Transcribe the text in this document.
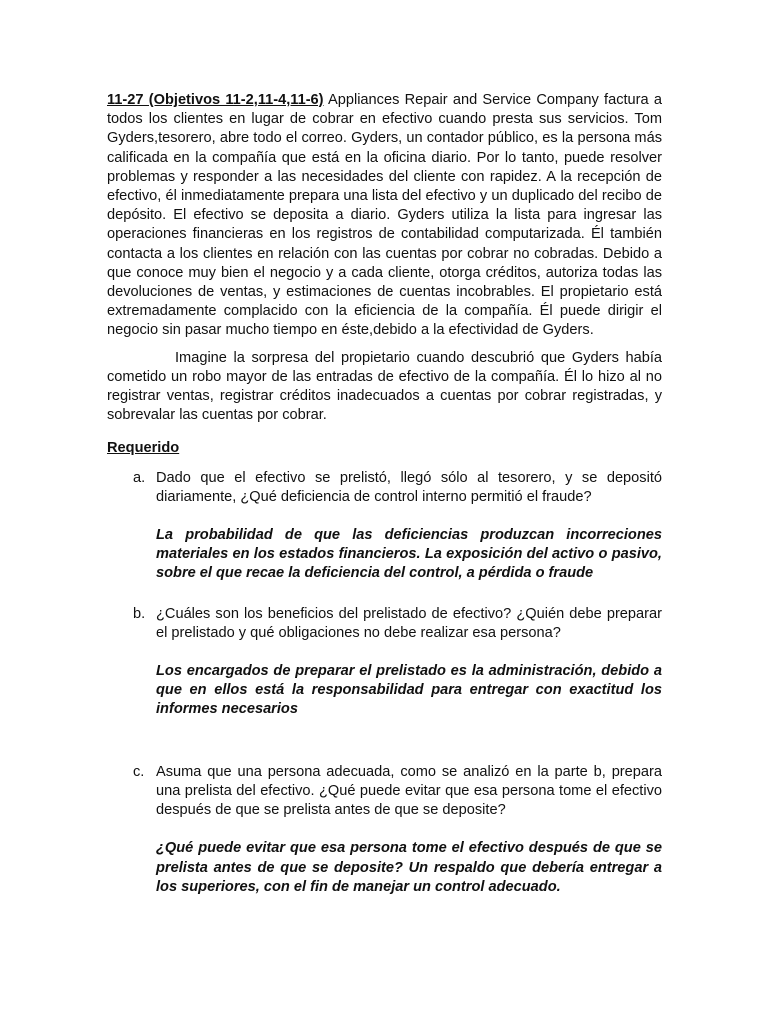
11-27 (Objetivos 11-2,11-4,11-6) Appliances Repair and Service Company factura a todos los clientes en lugar de cobrar en efectivo cuando presta sus servicios. Tom Gyders,tesorero, abre todo el correo. Gyders, un contador público, es la persona más calificada en la compañía que está en la oficina diario. Por lo tanto, puede resolver problemas y responder a las necesidades del cliente con rapidez. A la recepción de efectivo, él inmediatamente prepara una lista del efectivo y un duplicado del recibo de depósito. El efectivo se deposita a diario. Gyders utiliza la lista para ingresar las operaciones financieras en los registros de contabilidad computarizada. Él también contacta a los clientes en relación con las cuentas por cobrar no cobradas. Debido a que conoce muy bien el negocio y a cada cliente, otorga créditos, autoriza todas las devoluciones de ventas, y estimaciones de cuentas incobrables. El propietario está extremadamente complacido con la eficiencia de la compañía. Él puede dirigir el negocio sin pasar mucho tiempo en éste,debido a la efectividad de Gyders.

Imagine la sorpresa del propietario cuando descubrió que Gyders había cometido un robo mayor de las entradas de efectivo de la compañía. Él lo hizo al no registrar ventas, registrar créditos inadecuados a cuentas por cobrar registradas, y sobrevalar las cuentas por cobrar.

Requerido

a. Dado que el efectivo se prelistó, llegó sólo al tesorero, y se depositó diariamente, ¿Qué deficiencia de control interno permitió el fraude?

La probabilidad de que las deficiencias produzcan incorreciones materiales en los estados financieros. La exposición del activo o pasivo, sobre el que recae la deficiencia del control, a pérdida o fraude

b. ¿Cuáles son los beneficios del prelistado de efectivo? ¿Quién debe preparar el prelistado y qué obligaciones no debe realizar esa persona?

Los encargados de preparar el prelistado es la administración, debido a que en ellos está la responsabilidad para entregar con exactitud los informes necesarios

c. Asuma que una persona adecuada, como se analizó en la parte b, prepara una prelista del efectivo. ¿Qué puede evitar que esa persona tome el efectivo después de que se prelista antes de que se deposite?

¿Qué puede evitar que esa persona tome el efectivo después de que se prelista antes de que se deposite? Un respaldo que debería entregar a los superiores, con el fin de manejar un control adecuado.
